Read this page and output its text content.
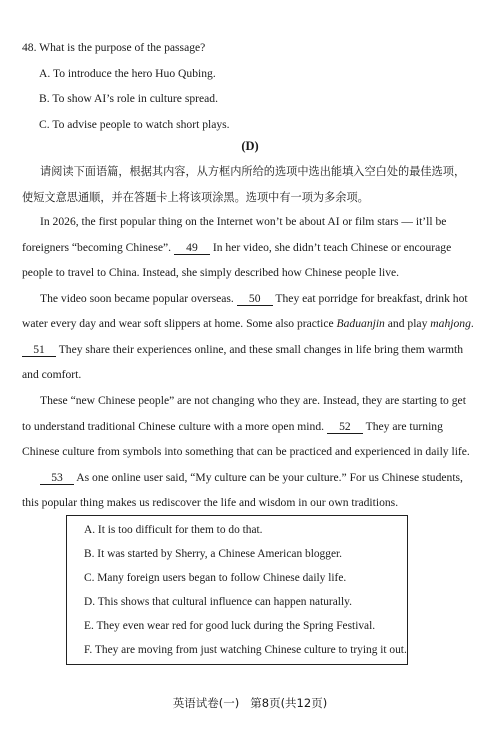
48. What is the purpose of the passage?
A. To introduce the hero Huo Qubing.
B. To show AI’s role in culture spread.
C. To advise people to watch short plays.
(D)
请阅读下面语篇，根据其内容，从方框内所给的选项中选出能填入空白处的最佳选项，
使短文意思通顺，并在答题卡上将该项涂黑。选项中有一项为多余项。
In 2026, the first popular thing on the Internet won’t be about AI or film stars — it’ll be
foreigners “becoming Chinese”. 49 In her video, she didn’t teach Chinese or encourage
people to travel to China. Instead, she simply described how Chinese people live.
The video soon became popular overseas. 50 They eat porridge for breakfast, drink hot
water every day and wear soft slippers at home. Some also practice Baduanjin and play mahjong.
51 They share their experiences online, and these small changes in life bring them warmth
and comfort.
These “new Chinese people” are not changing who they are. Instead, they are starting to get
to understand traditional Chinese culture with a more open mind. 52 They are turning
Chinese culture from symbols into something that can be practiced and experienced in daily life.
53 As one online user said, “My culture can be your culture.” For us Chinese students,
this popular thing makes us rediscover the life and wisdom in our own traditions.
A. It is too difficult for them to do that.
B. It was started by Sherry, a Chinese American blogger.
C. Many foreign users began to follow Chinese daily life.
D. This shows that cultural influence can happen naturally.
E. They even wear red for good luck during the Spring Festival.
F. They are moving from just watching Chinese culture to trying it out.
英语试卷(一)   第8页(共12页)
